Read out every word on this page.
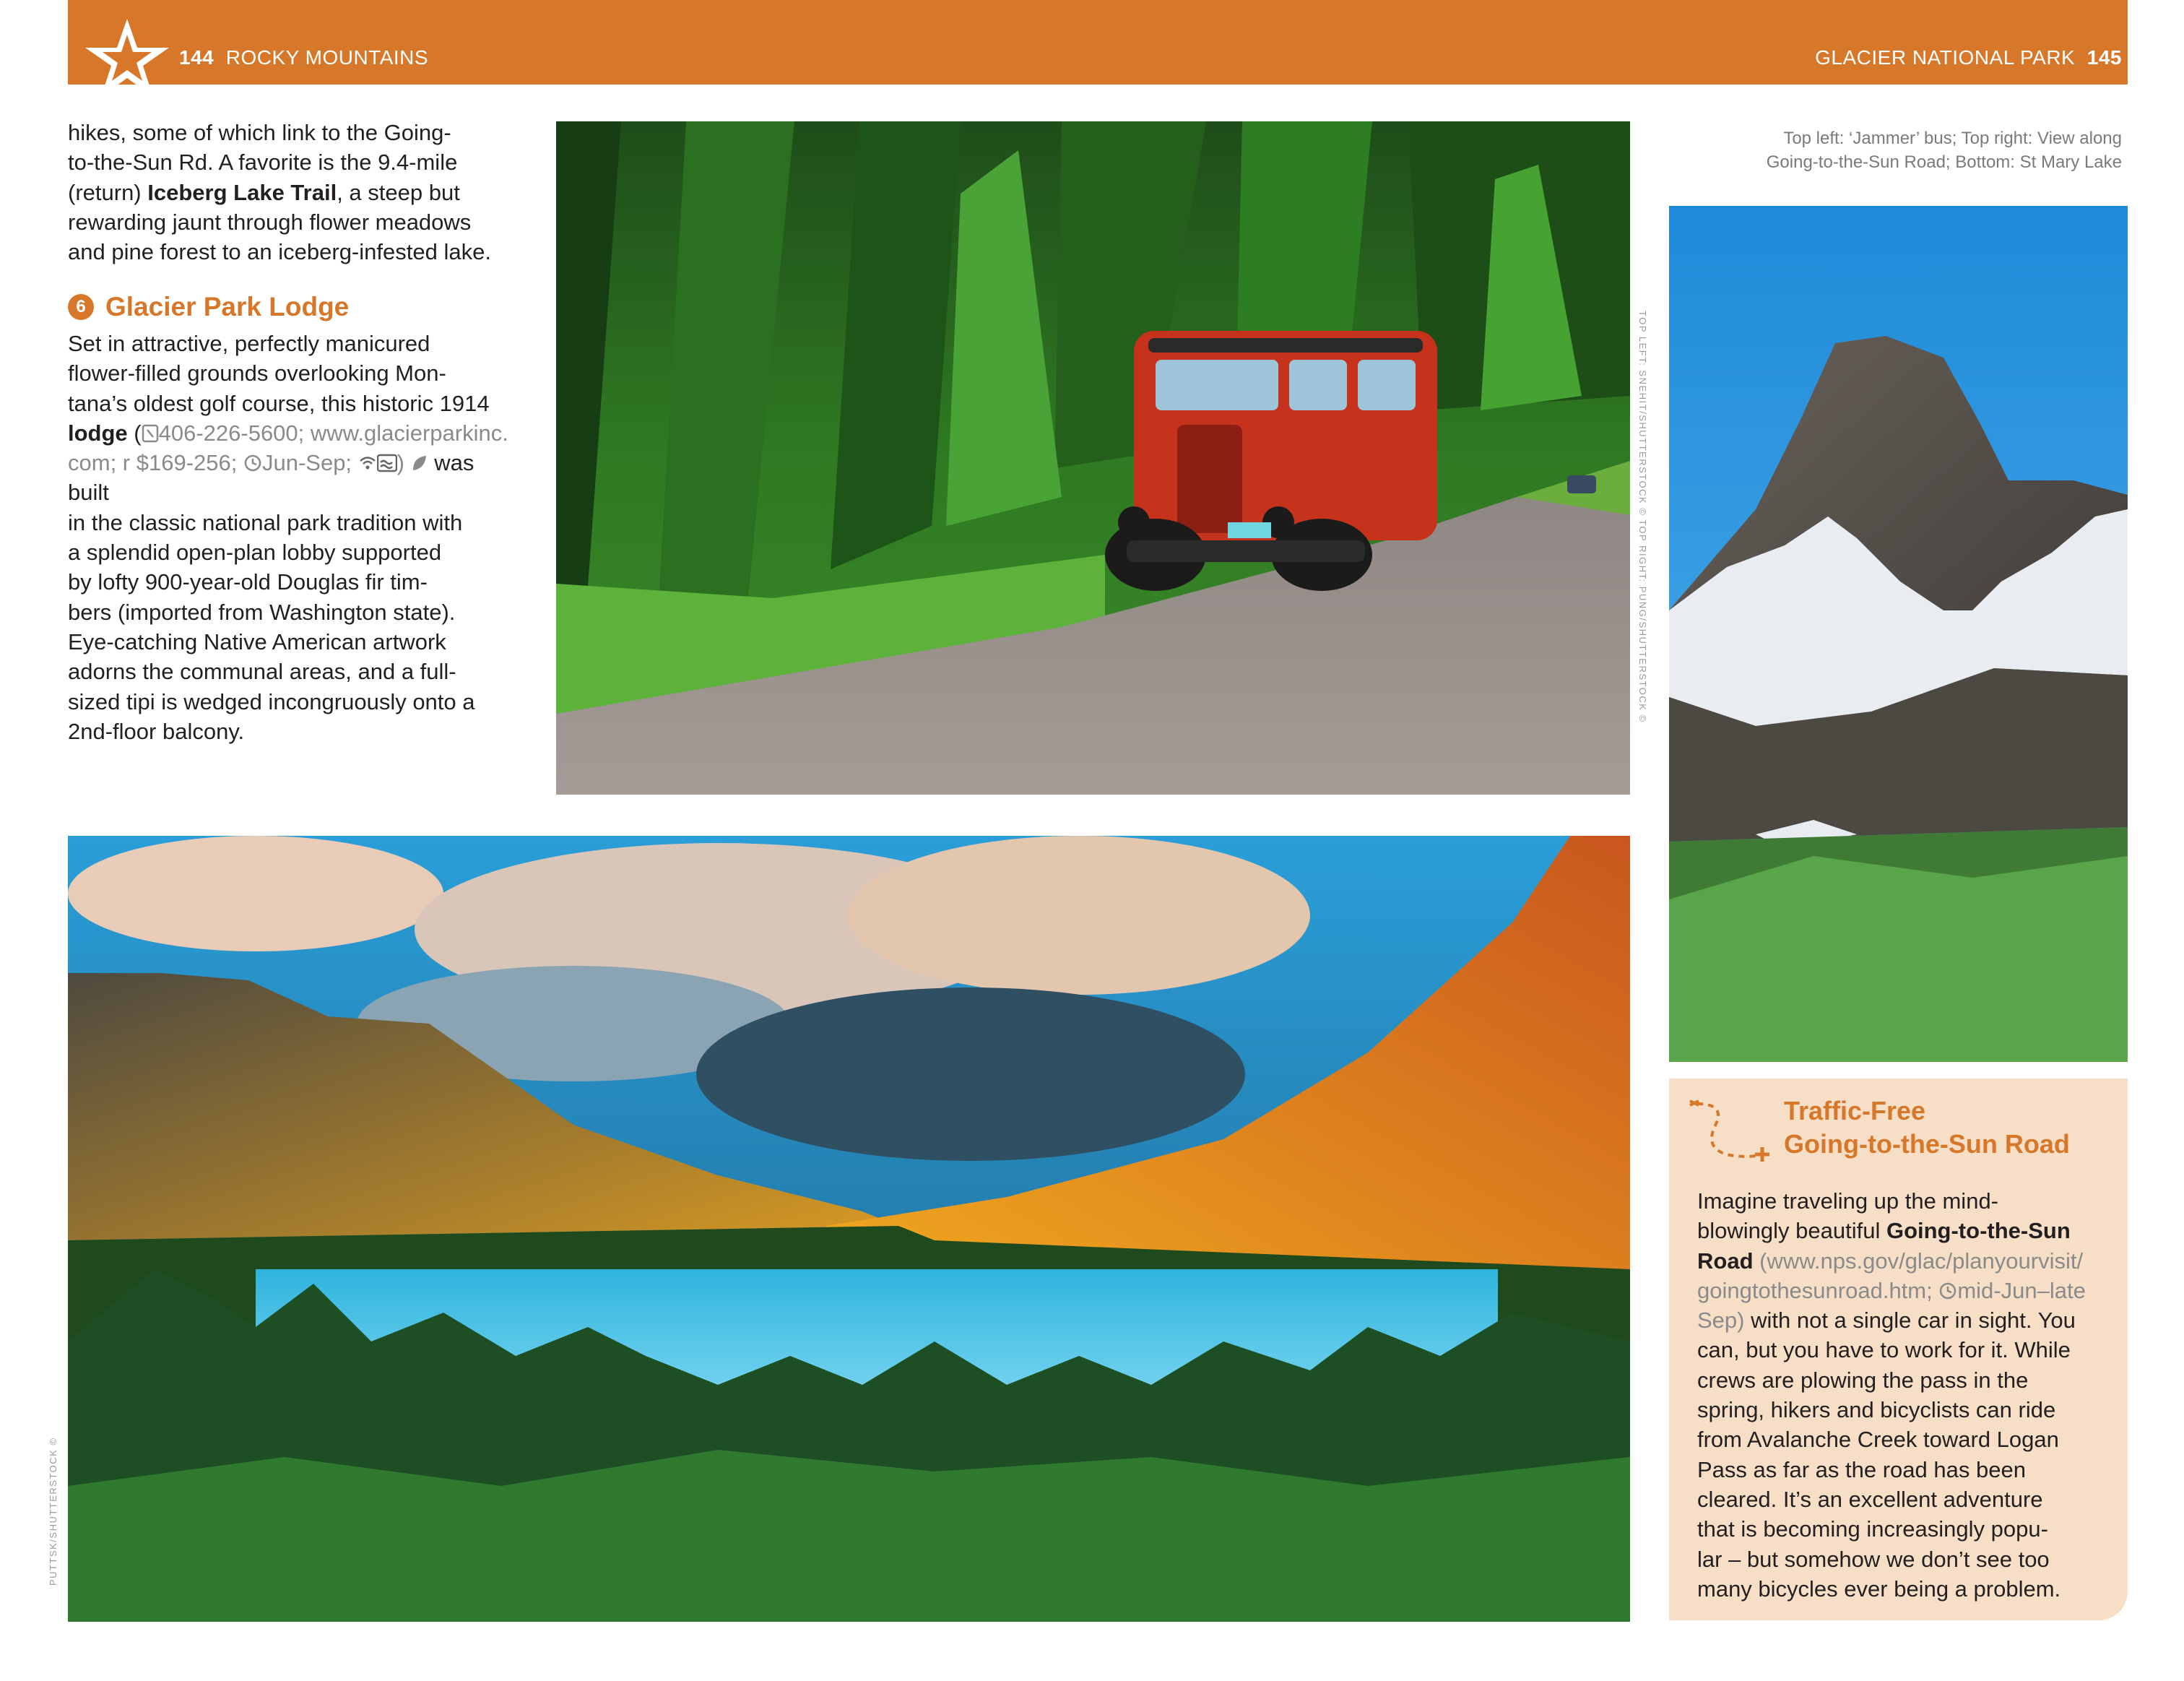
144 ROCKY MOUNTAINS	GLACIER NATIONAL PARK 145
hikes, some of which link to the Going-
to-the-Sun Rd. A favorite is the 9.4-mile
(return) Iceberg Lake Trail, a steep but
rewarding jaunt through flower meadows
and pine forest to an iceberg-infested lake.
6 Glacier Park Lodge
Set in attractive, perfectly manicured
flower-filled grounds overlooking Mon-
tana’s oldest golf course, this historic 1914
lodge ( 406-226-5600; www.glacierparkinc.
com; r $169-256; Jun-Sep; )  was built
in the classic national park tradition with
a splendid open-plan lobby supported
by lofty 900-year-old Douglas fir tim-
bers (imported from Washington state).
Eye-catching Native American artwork
adorns the communal areas, and a full-
sized tipi is wedged incongruously onto a
2nd-floor balcony.
TOP LEFT: SNEHIT/SHUTTERSTOCK © TOP RIGHT: PUNG/SHUTTERSTOCK ©
Top left: ‘Jammer’ bus; Top right: View along
Going-to-the-Sun Road; Bottom: St Mary Lake
PUTTSK/SHUTTERSTOCK ©
Traffic-Free
Going-to-the-Sun Road
Imagine traveling up the mind-
blowingly beautiful Going-to-the-Sun
Road (www.nps.gov/glac/planyourvisit/
goingtothesunroad.htm; mid-Jun–late
Sep) with not a single car in sight. You
can, but you have to work for it. While
crews are plowing the pass in the
spring, hikers and bicyclists can ride
from Avalanche Creek toward Logan
Pass as far as the road has been
cleared. It’s an excellent adventure
that is becoming increasingly popu-
lar – but somehow we don’t see too
many bicycles ever being a problem.
